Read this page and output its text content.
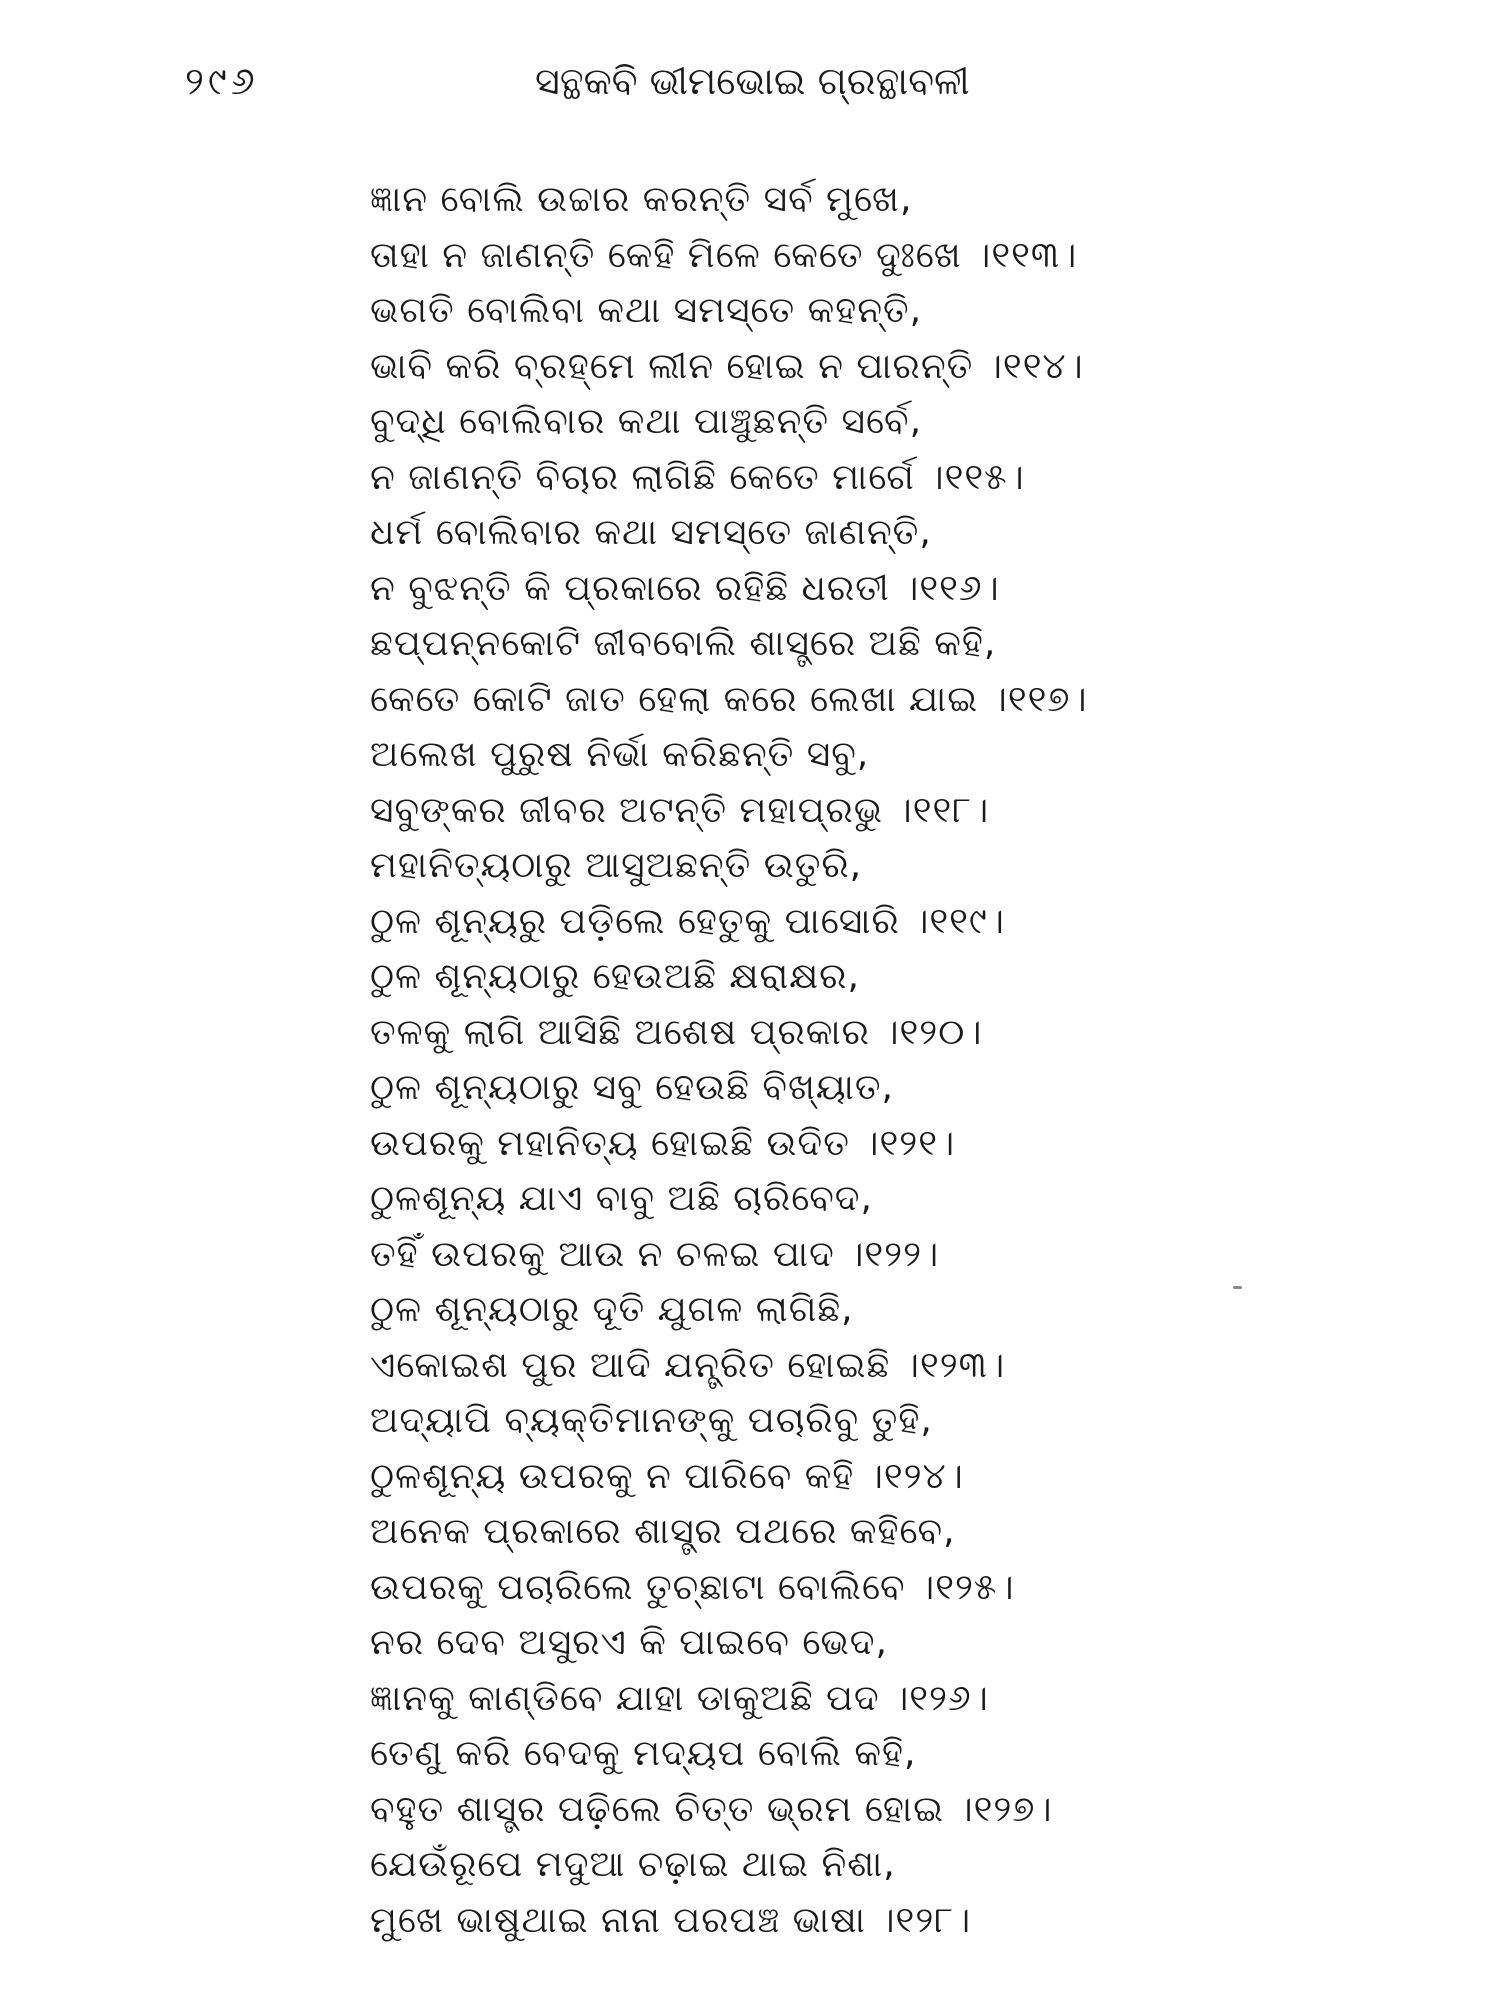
୨୯୬	ସନ୍ଥକବି ଭୀମଭୋଇ ଗ୍ରନ୍ଥାବଳୀ
ଜ୍ଞାନ ବୋଲି ଉଚ୍ଚାର କରନ୍ତି ସର୍ବ ମୁଖେ,
ତାହା ନ ଜାଣନ୍ତି କେହି ମିଳେ କେତେ ଦୁଃଖେ ।୧୧୩।
ଭଗତି ବୋଲିବା କଥା ସମସ୍ତେ କହନ୍ତି,
ଭାବି କରି ବ୍ରହ୍ମେ ଲୀନ ହୋଇ ନ ପାରନ୍ତି ।୧୧୪।
ବୁଦ୍ଧି ବୋଲିବାର କଥା ପାଞ୍ଚୁଛନ୍ତି ସର୍ବେ,
ନ ଜାଣନ୍ତି ବିଚାର ଲାଗିଛି କେତେ ମାର୍ଗେ ।୧୧୫।
ଧର୍ମ ବୋଲିବାର କଥା ସମସ୍ତେ ଜାଣନ୍ତି,
ନ ବୁଝନ୍ତି କି ପ୍ରକାରେ ରହିଛି ଧରତୀ ।୧୧୬।
ଛପ୍ପନ୍ନକୋଟି ଜୀବବୋଲି ଶାସ୍ତ୍ରେ ଅଛି କହି,
କେତେ କୋଟି ଜାତ ହେଲା କରେ ଲେଖା ଯାଇ ।୧୧୭।
ଅଲେଖ ପୁରୁଷ ନିର୍ଭା କରିଛନ୍ତି ସବୁ,
ସବୁଙ୍କର ଜୀବର ଅଟନ୍ତି ମହାପ୍ରଭୁ ।୧୧୮।
ମହାନିତ୍ୟଠାରୁ ଆସୁଅଛନ୍ତି ଉତୁରି,
ଠୁଳ ଶୂନ୍ୟରୁ ପଡ଼ିଲେ ହେତୁକୁ ପାସୋରି ।୧୧୯।
ଠୁଳ ଶୂନ୍ୟଠାରୁ ହେଉଅଛି କ୍ଷରାକ୍ଷର,
ତଳକୁ ଲାଗି ଆସିଛି ଅଶେଷ ପ୍ରକାର ।୧୨୦।
ଠୁଳ ଶୂନ୍ୟଠାରୁ ସବୁ ହେଉଛି ବିଖ୍ୟାତ,
ଉପରକୁ ମହାନିତ୍ୟ ହୋଇଛି ଉଦିତ ।୧୨୧।
ଠୁଳଶୂନ୍ୟ ଯାଏ ବାବୁ ଅଛି ଚାରିବେଦ,
ତହିଁ ଉପରକୁ ଆଉ ନ ଚଳଇ ପାଦ ।୧୨୨।
ଠୁଳ ଶୂନ୍ୟଠାରୁ ଦୂତି ଯୁଗଳ ଲାଗିଛି,
ଏକୋଇଶ ପୁର ଆଦି ଯନ୍ତ୍ରିତ ହୋଇଛି ।୧୨୩।
ଅଦ୍ୟାପି ବ୍ୟକ୍ତିମାନଙ୍କୁ ପଚାରିବୁ ତୁହି,
ଠୁଳଶୂନ୍ୟ ଉପରକୁ ନ ପାରିବେ କହି ।୧୨୪।
ଅନେକ ପ୍ରକାରେ ଶାସ୍ତ୍ର ପଥରେ କହିବେ,
ଉପରକୁ ପଚାରିଲେ ତୁଚ୍ଛାଟା ବୋଲିବେ ।୧୨୫।
ନର ଦେବ ଅସୁରଏ କି ପାଇବେ ଭେଦ,
ଜ୍ଞାନକୁ କାଣ୍ଡିବେ ଯାହା ଡାକୁଅଛି ପଦ ।୧୨୬।
ତେଣୁ କରି ବେଦକୁ ମଦ୍ୟପ ବୋଲି କହି,
ବହୁତ ଶାସ୍ତ୍ର ପଢ଼ିଲେ ଚିତ୍ତ ଭ୍ରମ ହୋଇ ।୧୨୭।
ଯେଉଁରୂପେ ମଦୁଆ ଚଢ଼ାଇ ଥାଇ ନିଶା,
ମୁଖେ ଭାଷୁଥାଇ ନାନା ପରପଞ୍ଚ ଭାଷା ।୧୨୮।
